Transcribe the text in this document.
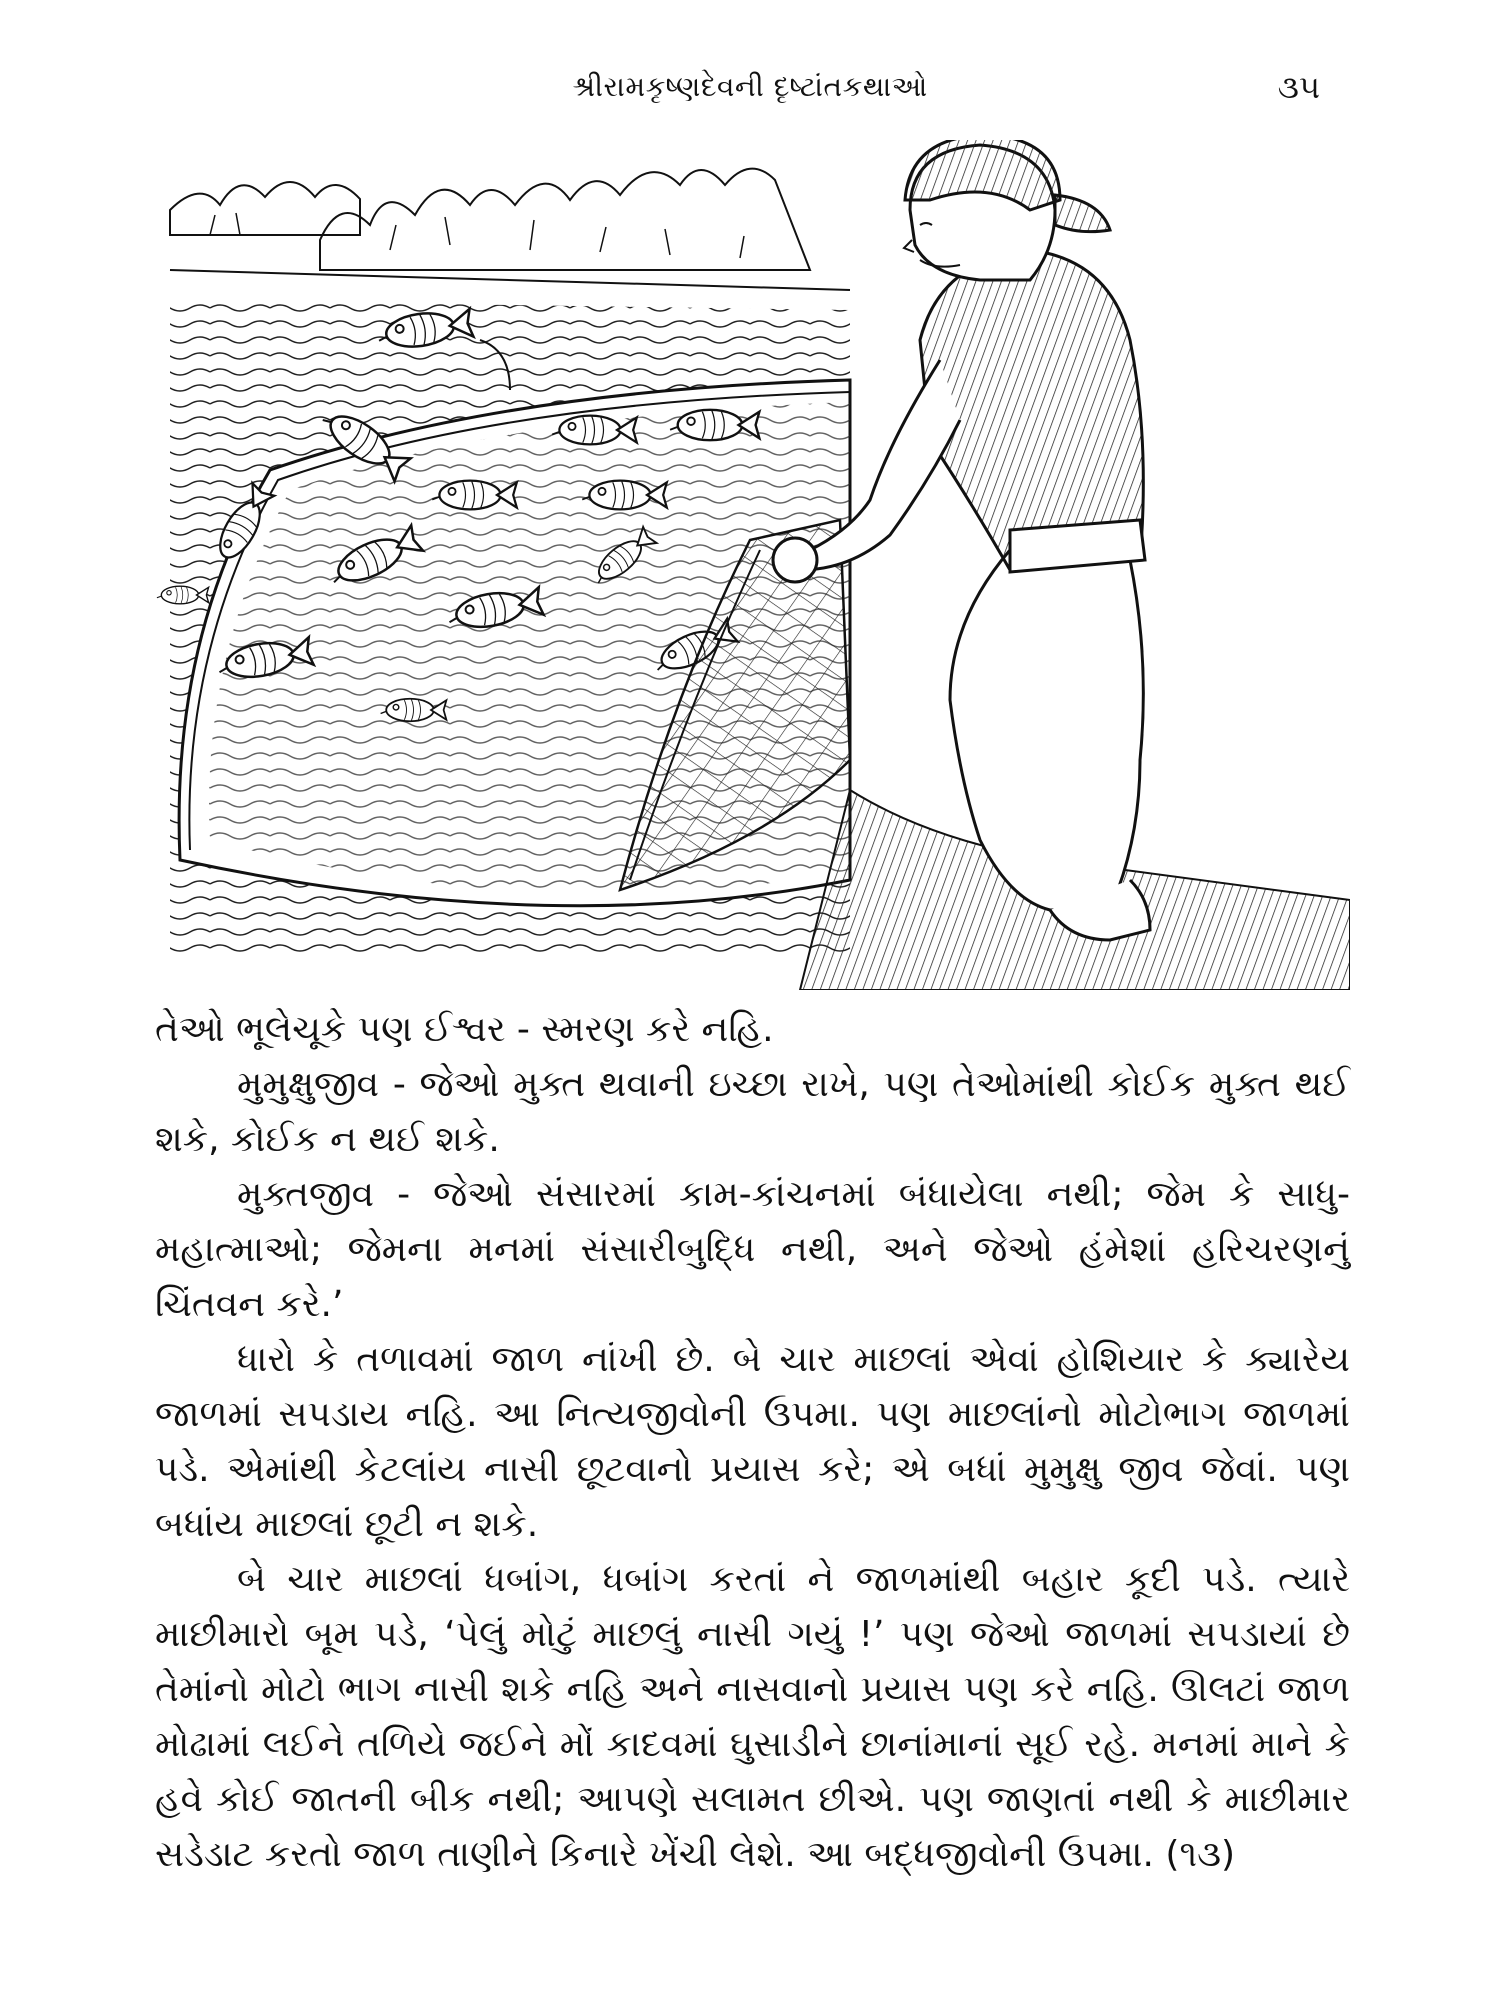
શ્રીરામકૃષ્ણદેવની દૃષ્ટાંતકથાઓ	૩૫

તેઓ ભૂલેચૂકે પણ ઈશ્વર - સ્મરણ કરે નહિ.

મુમુક્ષુજીવ - જેઓ મુક્ત થવાની ઇચ્છા રાખે, પણ તેઓમાંથી કોઈક મુક્ત થઈ શકે, કોઈક ન થઈ શકે.

મુક્તજીવ - જેઓ સંસારમાં કામ-કાંચનમાં બંધાયેલા નથી; જેમ કે સાધુ-મહાત્માઓ; જેમના મનમાં સંસારીબુદ્ધિ નથી, અને જેઓ હંમેશાં હરિચરણનું ચિંતવન કરે.’

ધારો કે તળાવમાં જાળ નાંખી છે. બે ચાર માછલાં એવાં હોશિયાર કે ક્યારેય જાળમાં સપડાય નહિ. આ નિત્યજીવોની ઉપમા. પણ માછલાંનો મોટોભાગ જાળમાં પડે. એમાંથી કેટલાંય નાસી છૂટવાનો પ્રયાસ કરે; એ બધાં મુમુક્ષુ જીવ જેવાં. પણ બધાંય માછલાં છૂટી ન શકે.

બે ચાર માછલાં ધબાંગ, ધબાંગ કરતાં ને જાળમાંથી બહાર કૂદી પડે. ત્યારે માછીમારો બૂમ પડે, ‘પેલું મોટું માછલું નાસી ગયું !’ પણ જેઓ જાળમાં સપડાયાં છે તેમાંનો મોટો ભાગ નાસી શકે નહિ અને નાસવાનો પ્રયાસ પણ કરે નહિ. ઊલટાં જાળ મોઢામાં લઈને તળિયે જઈને મોં કાદવમાં ઘુસાડીને છાનાંમાનાં સૂઈ રહે. મનમાં માને કે હવે કોઈ જાતની બીક નથી; આપણે સલામત છીએ. પણ જાણતાં નથી કે માછીમાર સડેડાટ કરતો જાળ તાણીને કિનારે ખેંચી લેશે. આ બદ્ધજીવોની ઉપમા. (૧૩)
